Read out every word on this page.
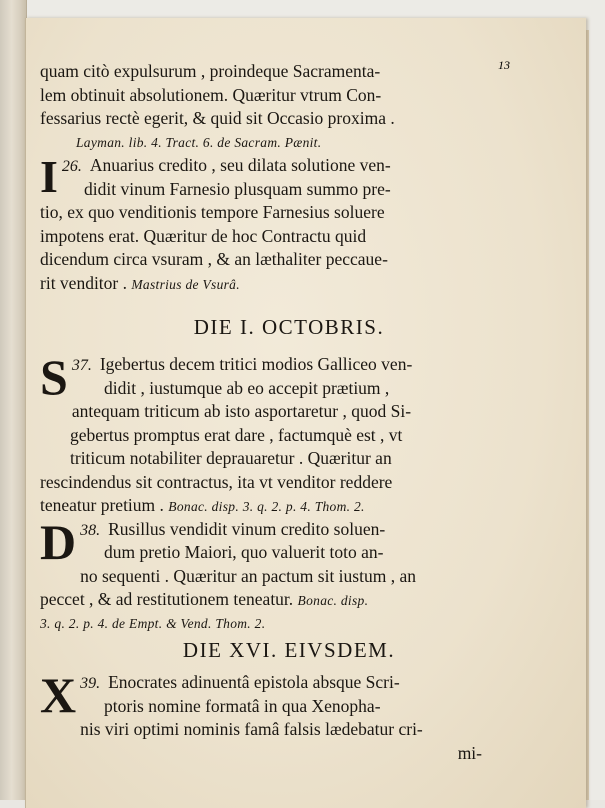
13
quam citò expulsurum , proindeque Sacramenta-
lem obtinuit absolutionem. Quæritur vtrum Con-
fessarius rectè egerit, & quid sit Occasio proxima .
Layman. lib. 4. Tract. 6. de Sacram. Pænit.
26.
I Anuarius credito , seu dilata solutione ven-
didit vinum Farnesio plusquam summo pre-
tio, ex quo venditionis tempore Farnesius soluere
impotens erat. Quæritur de hoc Contractu quid
dicendum circa vsuram , & an læthaliter peccaue-
rit venditor . Mastrius de Vsurâ.
DIE I. OCTOBRIS.
37.
S Igebertus decem tritici modios Galliceo ven-
didit , iustumque ab eo accepit prætium ,
antequam triticum ab isto asportaretur , quod Si-
gebertus promptus erat dare , factumquè est , vt
triticum notabiliter deprauaretur . Quæritur an
rescindendus sit contractus, ita vt venditor reddere
teneatur pretium . Bonac. disp. 3. q. 2. p. 4. Thom. 2.
38.
D Rusillus vendidit vinum credito soluen-
dum pretio Maiori, quo valuerit toto an-
no sequenti . Quæritur an pactum sit iustum , an
peccet , & ad restitutionem teneatur. Bonac. disp.
3. q. 2. p. 4. de Empt. & Vend. Thom. 2.
DIE XVI. EIVSDEM.
39.
X Enocrates adinuentâ epistola absque Scri-
ptoris nomine formatâ in qua Xenopha-
nis viri optimi nominis famâ falsis lædebatur cri-
mi-
